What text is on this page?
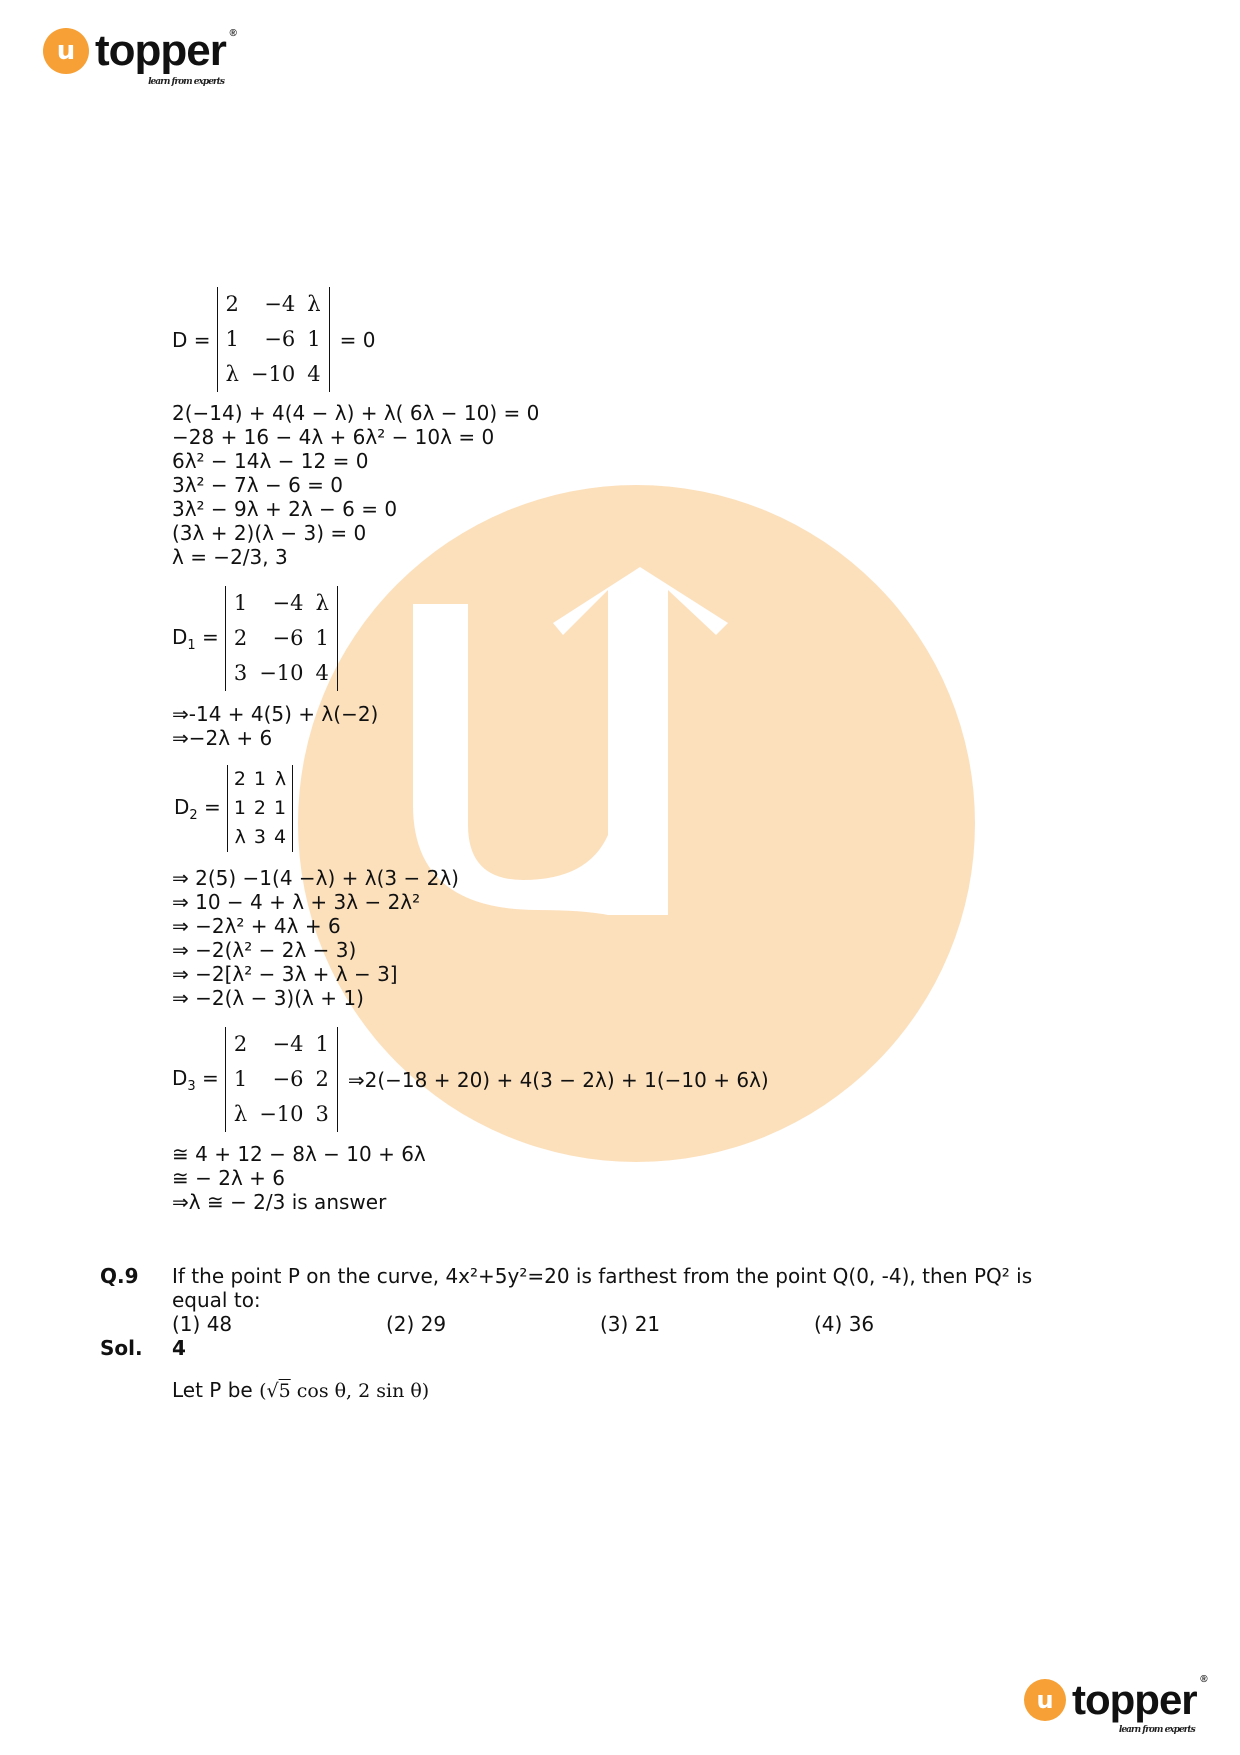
u topper ®
learn from experts
D =
2	−4 λ
1	−6 1
λ −10 4
= 0
2(−14) + 4(4 − λ) + λ( 6λ − 10) = 0
−28 + 16 − 4λ + 6λ² − 10λ = 0
6λ² − 14λ − 12 = 0
3λ² − 7λ − 6 = 0
3λ² − 9λ + 2λ − 6 = 0
(3λ + 2)(λ − 3) = 0
λ = −2/3, 3
$D_1$ =
1	−4 λ
2	−6 1
3 −10 4
⇒-14 + 4(5) + λ(−2)
⇒−2λ + 6
$D_2$ =
2 1 λ
1 2 1
λ 3 4
⇒ 2(5) −1(4 −λ) + λ(3 − 2λ)
⇒ 10 − 4 + λ + 3λ − 2λ²
⇒ −2λ² + 4λ + 6
⇒ −2(λ² − 2λ − 3)
⇒ −2[λ² − 3λ + λ − 3]
⇒ −2(λ − 3)(λ + 1)
$D_3$ =
2	−4 1
1	−6 2
λ −10 3
⇒2(−18 + 20) + 4(3 − 2λ) + 1(−10 + 6λ)
≅ 4 + 12 − 8λ − 10 + 6λ
≅ − 2λ + 6
⇒λ ≅ − 2/3 is answer
Q.9 If the point P on the curve, 4x²+5y²=20 is farthest from the point Q(0, -4), then PQ² is
equal to:
(1) 48	(2) 29	(3) 21	(4) 36
Sol. 4
Let P be (√5 cos θ, 2 sin θ)
u topper ®
learn from experts
